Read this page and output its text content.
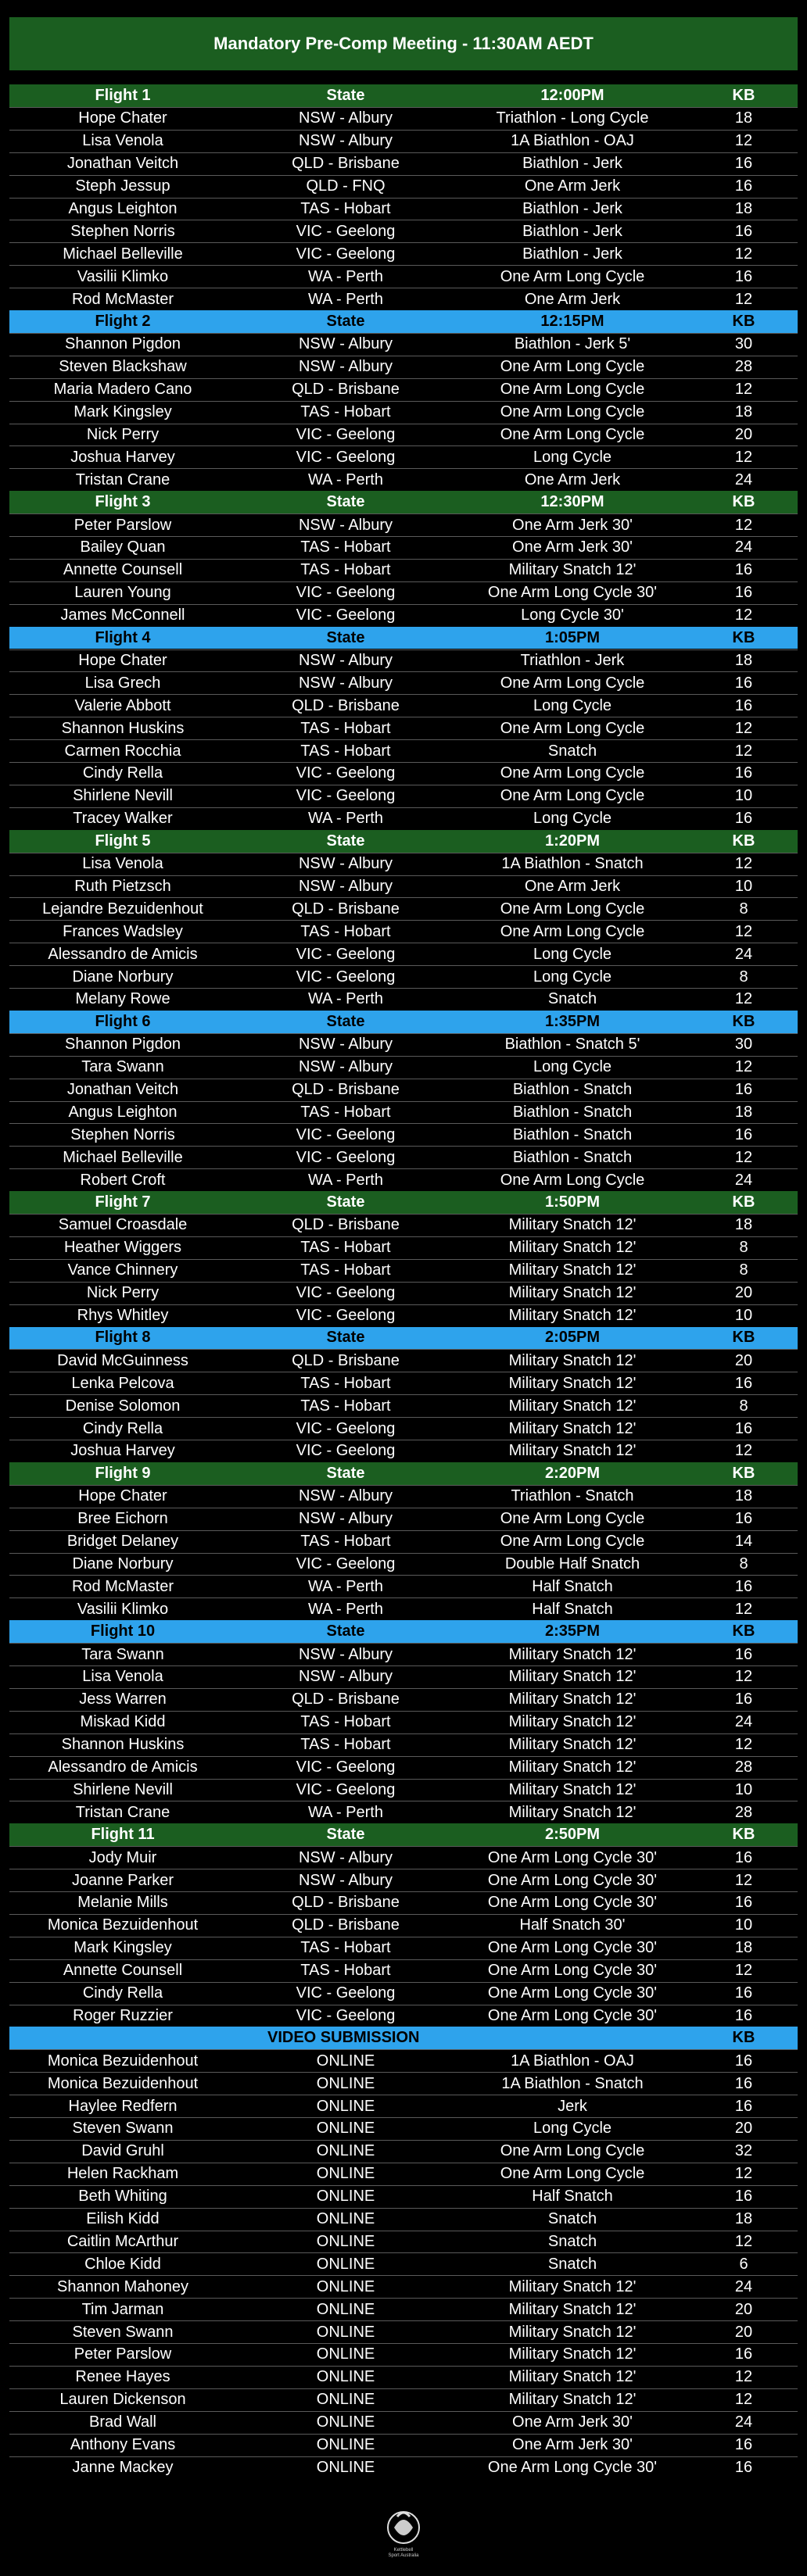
Mandatory Pre-Comp Meeting - 11:30AM AEDT
Flight 1	State	12:00PM	KB
Hope Chater	NSW - Albury	Triathlon - Long Cycle	18
Lisa Venola	NSW - Albury	1A Biathlon - OAJ	12
Jonathan Veitch	QLD - Brisbane	Biathlon - Jerk	16
Steph Jessup	QLD - FNQ	One Arm Jerk	16
Angus Leighton	TAS - Hobart	Biathlon - Jerk	18
Stephen Norris	VIC - Geelong	Biathlon - Jerk	16
Michael Belleville	VIC - Geelong	Biathlon - Jerk	12
Vasilii Klimko	WA - Perth	One Arm Long Cycle	16
Rod McMaster	WA - Perth	One Arm Jerk	12
Flight 2	State	12:15PM	KB
Shannon Pigdon	NSW - Albury	Biathlon - Jerk 5'	30
Steven Blackshaw	NSW - Albury	One Arm Long Cycle	28
Maria Madero Cano	QLD - Brisbane	One Arm Long Cycle	12
Mark Kingsley	TAS - Hobart	One Arm Long Cycle	18
Nick Perry	VIC - Geelong	One Arm Long Cycle	20
Joshua Harvey	VIC - Geelong	Long Cycle	12
Tristan Crane	WA - Perth	One Arm Jerk	24
Flight 3	State	12:30PM	KB
Peter Parslow	NSW - Albury	One Arm Jerk 30'	12
Bailey Quan	TAS - Hobart	One Arm Jerk 30'	24
Annette Counsell	TAS - Hobart	Military Snatch 12'	16
Lauren Young	VIC - Geelong	One Arm Long Cycle 30'	16
James McConnell	VIC - Geelong	Long Cycle 30'	12
Flight 4	State	1:05PM	KB
Hope Chater	NSW - Albury	Triathlon - Jerk	18
Lisa Grech	NSW - Albury	One Arm Long Cycle	16
Valerie Abbott	QLD - Brisbane	Long Cycle	16
Shannon Huskins	TAS - Hobart	One Arm Long Cycle	12
Carmen Rocchia	TAS - Hobart	Snatch	12
Cindy Rella	VIC - Geelong	One Arm Long Cycle	16
Shirlene Nevill	VIC - Geelong	One Arm Long Cycle	10
Tracey Walker	WA - Perth	Long Cycle	16
Flight 5	State	1:20PM	KB
Lisa Venola	NSW - Albury	1A Biathlon - Snatch	12
Ruth Pietzsch	NSW - Albury	One Arm Jerk	10
Lejandre Bezuidenhout	QLD - Brisbane	One Arm Long Cycle	8
Frances Wadsley	TAS - Hobart	One Arm Long Cycle	12
Alessandro de Amicis	VIC - Geelong	Long Cycle	24
Diane Norbury	VIC - Geelong	Long Cycle	8
Melany Rowe	WA - Perth	Snatch	12
Flight 6	State	1:35PM	KB
Shannon Pigdon	NSW - Albury	Biathlon - Snatch 5'	30
Tara Swann	NSW - Albury	Long Cycle	12
Jonathan Veitch	QLD - Brisbane	Biathlon - Snatch	16
Angus Leighton	TAS - Hobart	Biathlon - Snatch	18
Stephen Norris	VIC - Geelong	Biathlon - Snatch	16
Michael Belleville	VIC - Geelong	Biathlon - Snatch	12
Robert Croft	WA - Perth	One Arm Long Cycle	24
Flight 7	State	1:50PM	KB
Samuel Croasdale	QLD - Brisbane	Military Snatch 12'	18
Heather Wiggers	TAS - Hobart	Military Snatch 12'	8
Vance Chinnery	TAS - Hobart	Military Snatch 12'	8
Nick Perry	VIC - Geelong	Military Snatch 12'	20
Rhys Whitley	VIC - Geelong	Military Snatch 12'	10
Flight 8	State	2:05PM	KB
David McGuinness	QLD - Brisbane	Military Snatch 12'	20
Lenka Pelcova	TAS - Hobart	Military Snatch 12'	16
Denise Solomon	TAS - Hobart	Military Snatch 12'	8
Cindy Rella	VIC - Geelong	Military Snatch 12'	16
Joshua Harvey	VIC - Geelong	Military Snatch 12'	12
Flight 9	State	2:20PM	KB
Hope Chater	NSW - Albury	Triathlon - Snatch	18
Bree Eichorn	NSW - Albury	One Arm Long Cycle	16
Bridget Delaney	TAS - Hobart	One Arm Long Cycle	14
Diane Norbury	VIC - Geelong	Double Half Snatch	8
Rod McMaster	WA - Perth	Half Snatch	16
Vasilii Klimko	WA - Perth	Half Snatch	12
Flight 10	State	2:35PM	KB
Tara Swann	NSW - Albury	Military Snatch 12'	16
Lisa Venola	NSW - Albury	Military Snatch 12'	12
Jess Warren	QLD - Brisbane	Military Snatch 12'	16
Miskad Kidd	TAS - Hobart	Military Snatch 12'	24
Shannon Huskins	TAS - Hobart	Military Snatch 12'	12
Alessandro de Amicis	VIC - Geelong	Military Snatch 12'	28
Shirlene Nevill	VIC - Geelong	Military Snatch 12'	10
Tristan Crane	WA - Perth	Military Snatch 12'	28
Flight 11	State	2:50PM	KB
Jody Muir	NSW - Albury	One Arm Long Cycle 30'	16
Joanne Parker	NSW - Albury	One Arm Long Cycle 30'	12
Melanie Mills	QLD - Brisbane	One Arm Long Cycle 30'	16
Monica Bezuidenhout	QLD - Brisbane	Half Snatch 30'	10
Mark Kingsley	TAS - Hobart	One Arm Long Cycle 30'	18
Annette Counsell	TAS - Hobart	One Arm Long Cycle 30'	12
Cindy Rella	VIC - Geelong	One Arm Long Cycle 30'	16
Roger Ruzzier	VIC - Geelong	One Arm Long Cycle 30'	16
VIDEO SUBMISSION	KB
Monica Bezuidenhout	ONLINE	1A Biathlon - OAJ	16
Monica Bezuidenhout	ONLINE	1A Biathlon - Snatch	16
Haylee Redfern	ONLINE	Jerk	16
Steven Swann	ONLINE	Long Cycle	20
David Gruhl	ONLINE	One Arm Long Cycle	32
Helen Rackham	ONLINE	One Arm Long Cycle	12
Beth Whiting	ONLINE	Half Snatch	16
Eilish Kidd	ONLINE	Snatch	18
Caitlin McArthur	ONLINE	Snatch	12
Chloe Kidd	ONLINE	Snatch	6
Shannon Mahoney	ONLINE	Military Snatch 12'	24
Tim Jarman	ONLINE	Military Snatch 12'	20
Steven Swann	ONLINE	Military Snatch 12'	20
Peter Parslow	ONLINE	Military Snatch 12'	16
Renee Hayes	ONLINE	Military Snatch 12'	12
Lauren Dickenson	ONLINE	Military Snatch 12'	12
Brad Wall	ONLINE	One Arm Jerk 30'	24
Anthony Evans	ONLINE	One Arm Jerk 30'	16
Janne Mackey	ONLINE	One Arm Long Cycle 30'	16
Kettlebell
Sport Australia
